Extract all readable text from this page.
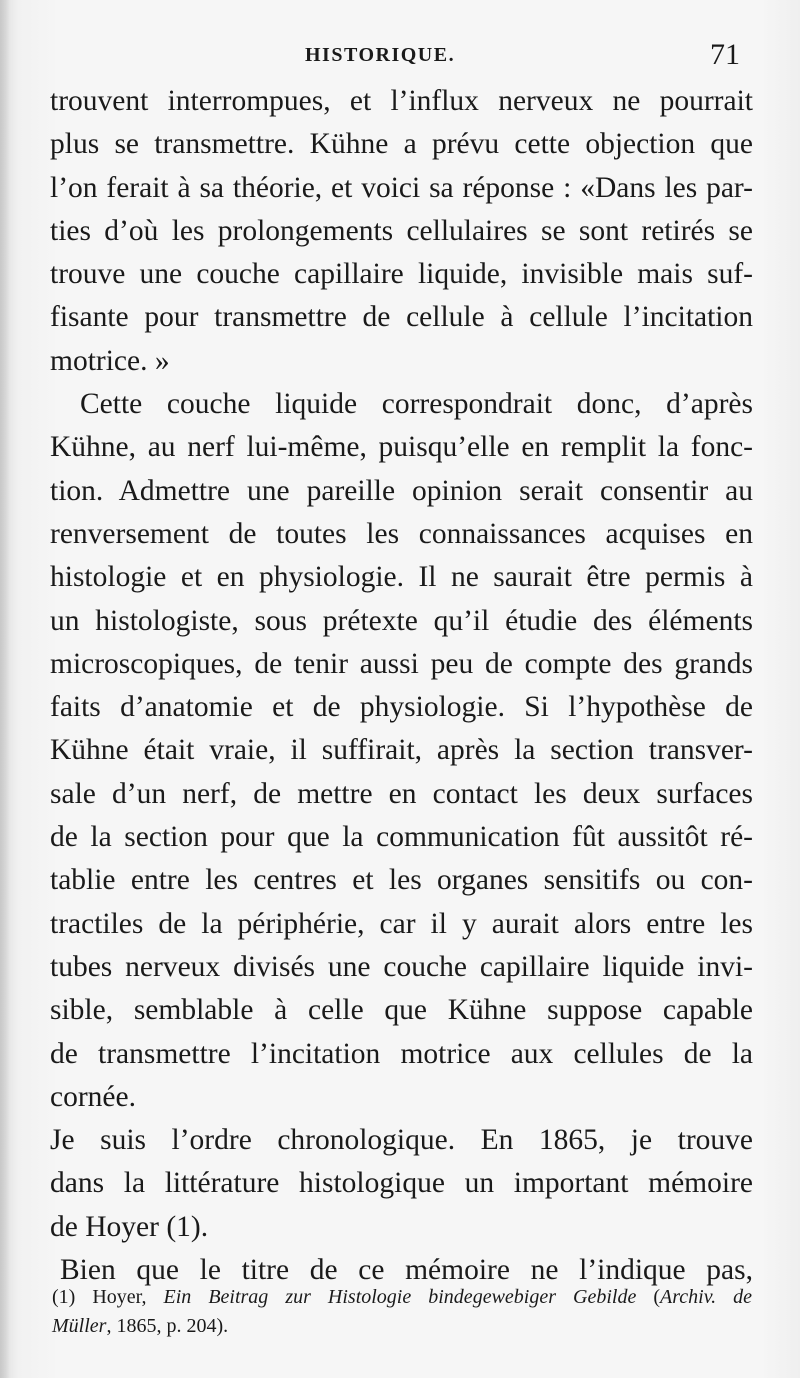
HISTORIQUE.	71
trouvent interrompues, et l’influx nerveux ne pourrait
plus se transmettre. Kühne a prévu cette objection que
l’on ferait à sa théorie, et voici sa réponse : «Dans les par-
ties d’où les prolongements cellulaires se sont retirés se
trouve une couche capillaire liquide, invisible mais suf-
fisante pour transmettre de cellule à cellule l’incitation
motrice. »
Cette couche liquide correspondrait donc, d’après
Kühne, au nerf lui-même, puisqu’elle en remplit la fonc-
tion. Admettre une pareille opinion serait consentir au
renversement de toutes les connaissances acquises en
histologie et en physiologie. Il ne saurait être permis à
un histologiste, sous prétexte qu’il étudie des éléments
microscopiques, de tenir aussi peu de compte des grands
faits d’anatomie et de physiologie. Si l’hypothèse de
Kühne était vraie, il suffirait, après la section transver-
sale d’un nerf, de mettre en contact les deux surfaces
de la section pour que la communication fût aussitôt ré-
tablie entre les centres et les organes sensitifs ou con-
tractiles de la périphérie, car il y aurait alors entre les
tubes nerveux divisés une couche capillaire liquide invi-
sible, semblable à celle que Kühne suppose capable
de transmettre l’incitation motrice aux cellules de la
cornée.
Je suis l’ordre chronologique. En 1865, je trouve
dans la littérature histologique un important mémoire
de Hoyer (1).
Bien que le titre de ce mémoire ne l’indique pas,
(1) Hoyer, Ein Beitrag zur Histologie bindegewebiger Gebilde (Archiv. de
Müller, 1865, p. 204).
